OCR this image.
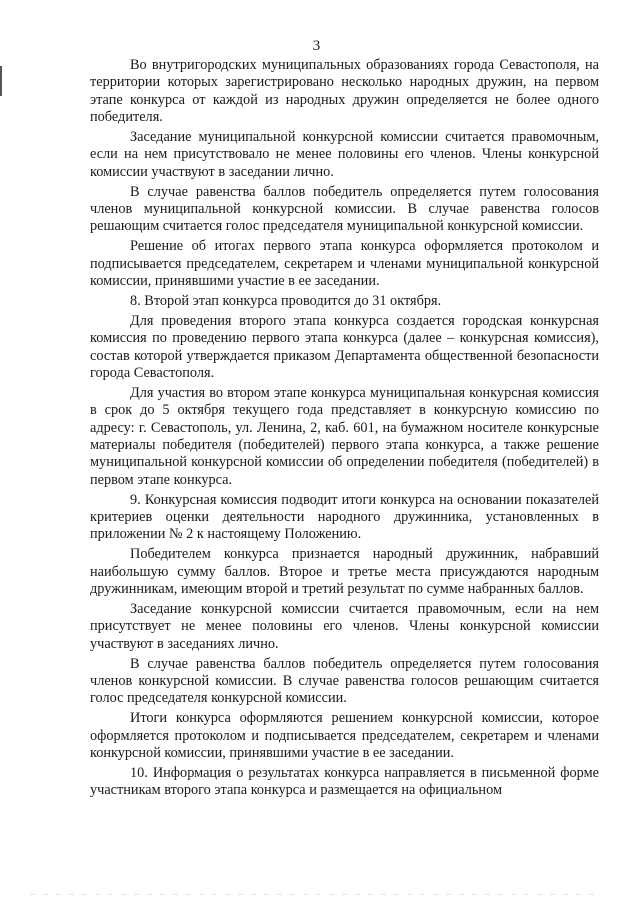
3

Во внутригородских муниципальных образованиях города Севастополя, на территории которых зарегистрировано несколько народных дружин, на первом этапе конкурса от каждой из народных дружин определяется не более одного победителя.

Заседание муниципальной конкурсной комиссии считается правомочным, если на нем присутствовало не менее половины его членов. Члены конкурсной комиссии участвуют в заседании лично.

В случае равенства баллов победитель определяется путем голосования членов муниципальной конкурсной комиссии. В случае равенства голосов решающим считается голос председателя муниципальной конкурсной комиссии.

Решение об итогах первого этапа конкурса оформляется протоколом и подписывается председателем, секретарем и членами муниципальной конкурсной комиссии, принявшими участие в ее заседании.

8. Второй этап конкурса проводится до 31 октября.

Для проведения второго этапа конкурса создается городская конкурсная комиссия по проведению первого этапа конкурса (далее – конкурсная комиссия), состав которой утверждается приказом Департамента общественной безопасности города Севастополя.

Для участия во втором этапе конкурса муниципальная конкурсная комиссия в срок до 5 октября текущего года представляет в конкурсную комиссию по адресу: г. Севастополь, ул. Ленина, 2, каб. 601, на бумажном носителе конкурсные материалы победителя (победителей) первого этапа конкурса, а также решение муниципальной конкурсной комиссии об определении победителя (победителей) в первом этапе конкурса.

9. Конкурсная комиссия подводит итоги конкурса на основании показателей критериев оценки деятельности народного дружинника, установленных в приложении № 2 к настоящему Положению.

Победителем конкурса признается народный дружинник, набравший наибольшую сумму баллов. Второе и третье места присуждаются народным дружинникам, имеющим второй и третий результат по сумме набранных баллов.

Заседание конкурсной комиссии считается правомочным, если на нем присутствует не менее половины его членов. Члены конкурсной комиссии участвуют в заседаниях лично.

В случае равенства баллов победитель определяется путем голосования членов конкурсной комиссии. В случае равенства голосов решающим считается голос председателя конкурсной комиссии.

Итоги конкурса оформляются решением конкурсной комиссии, которое оформляется протоколом и подписывается председателем, секретарем и членами конкурсной комиссии, принявшими участие в ее заседании.

10. Информация о результатах конкурса направляется в письменной форме участникам второго этапа конкурса и размещается на официальном
